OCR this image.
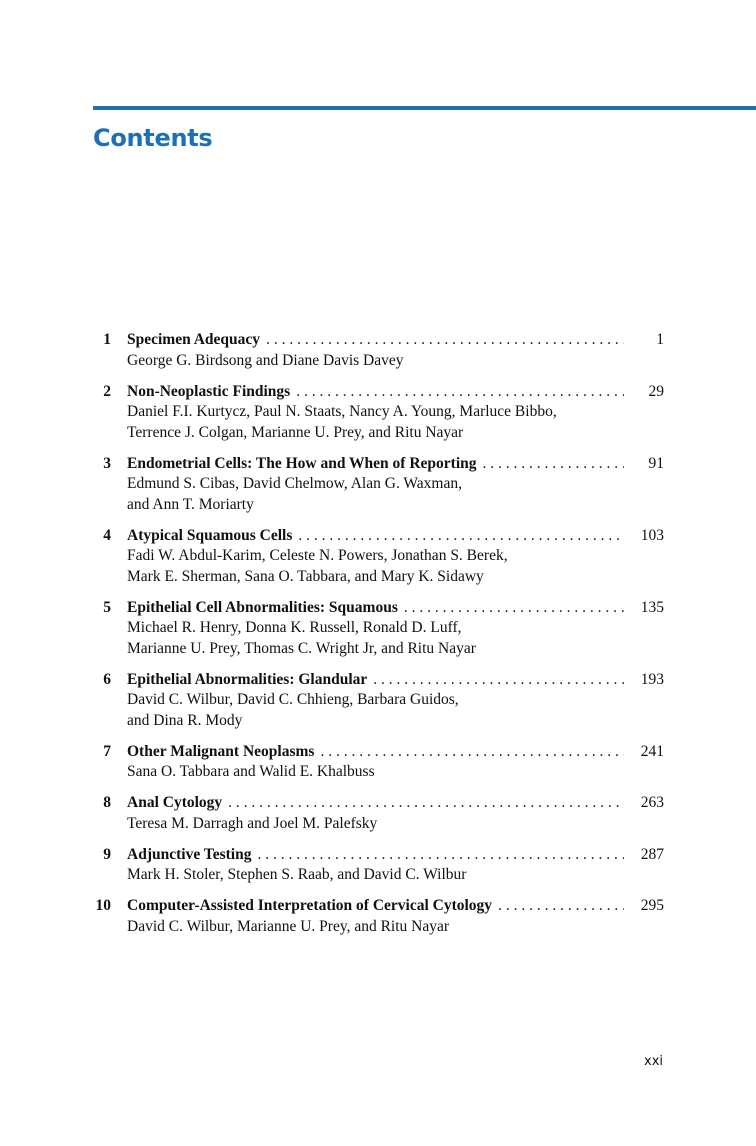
Contents
1 Specimen Adequacy . . .	1
George G. Birdsong and Diane Davis Davey
2 Non-Neoplastic Findings . . .	29
Daniel F.I. Kurtycz, Paul N. Staats, Nancy A. Young, Marluce Bibbo,
Terrence J. Colgan, Marianne U. Prey, and Ritu Nayar
3 Endometrial Cells: The How and When of Reporting . . .	91
Edmund S. Cibas, David Chelmow, Alan G. Waxman,
and Ann T. Moriarty
4 Atypical Squamous Cells . . .	103
Fadi W. Abdul-Karim, Celeste N. Powers, Jonathan S. Berek,
Mark E. Sherman, Sana O. Tabbara, and Mary K. Sidawy
5 Epithelial Cell Abnormalities: Squamous . . .	135
Michael R. Henry, Donna K. Russell, Ronald D. Luff,
Marianne U. Prey, Thomas C. Wright Jr, and Ritu Nayar
6 Epithelial Abnormalities: Glandular . . .	193
David C. Wilbur, David C. Chhieng, Barbara Guidos,
and Dina R. Mody
7 Other Malignant Neoplasms . . .	241
Sana O. Tabbara and Walid E. Khalbuss
8 Anal Cytology . . .	263
Teresa M. Darragh and Joel M. Palefsky
9 Adjunctive Testing . . .	287
Mark H. Stoler, Stephen S. Raab, and David C. Wilbur
10 Computer-Assisted Interpretation of Cervical Cytology . . .	295
David C. Wilbur, Marianne U. Prey, and Ritu Nayar
xxi
